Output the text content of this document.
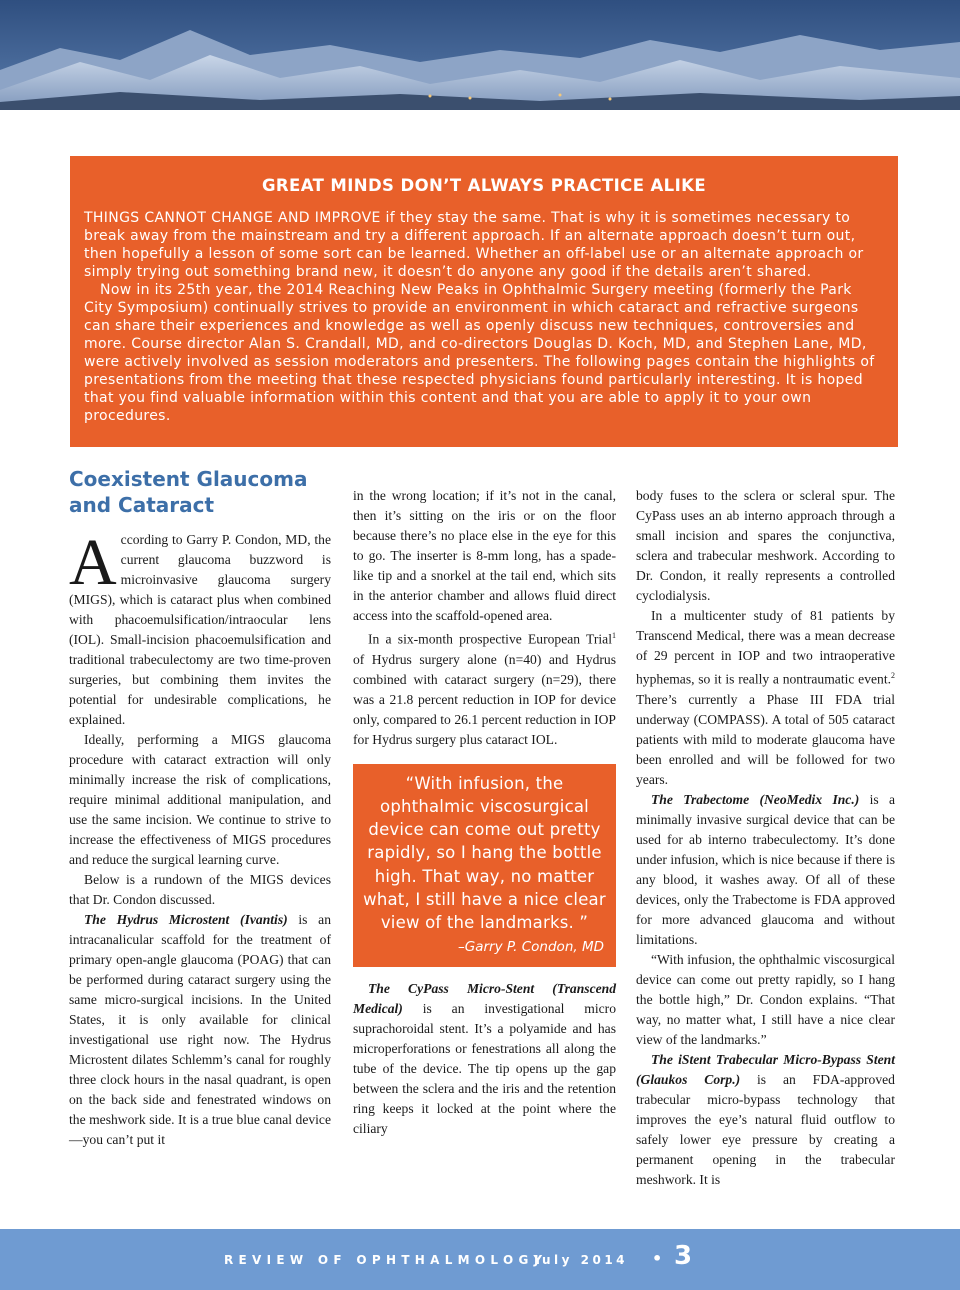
GREAT MINDS DON’T ALWAYS PRACTICE ALIKE

THINGS CANNOT CHANGE AND IMPROVE if they stay the same. That is why it is sometimes necessary to break away from the mainstream and try a different approach. If an alternate approach doesn’t turn out, then hopefully a lesson of some sort can be learned. Whether an off-label use or an alternate approach or simply trying out something brand new, it doesn’t do anyone any good if the details aren’t shared.

Now in its 25th year, the 2014 Reaching New Peaks in Ophthalmic Surgery meeting (formerly the Park City Symposium) continually strives to provide an environment in which cataract and refractive surgeons can share their experiences and knowledge as well as openly discuss new techniques, controversies and more. Course director Alan S. Crandall, MD, and co-directors Douglas D. Koch, MD, and Stephen Lane, MD, were actively involved as session moderators and presenters. The following pages contain the highlights of presentations from the meeting that these respected physicians found particularly interesting. It is hoped that you find valuable information within this content and that you are able to apply it to your own procedures.

Coexistent Glaucoma
and Cataract

According to Garry P. Condon, MD, the current glaucoma buzzword is microinvasive glaucoma surgery (MIGS), which is cataract plus when combined with phacoemulsification/intraocular lens (IOL). Small-incision phacoemulsification and traditional trabeculectomy are two time-proven surgeries, but combining them invites the potential for undesirable complications, he explained.

Ideally, performing a MIGS glaucoma procedure with cataract extraction will only minimally increase the risk of complications, require minimal additional manipulation, and use the same incision. We continue to strive to increase the effectiveness of MIGS procedures and reduce the surgical learning curve.

Below is a rundown of the MIGS devices that Dr. Condon discussed.

The Hydrus Microstent (Ivantis) is an intracanalicular scaffold for the treatment of primary open-angle glaucoma (POAG) that can be performed during cataract surgery using the same micro-surgical incisions. In the United States, it is only available for clinical investigational use right now. The Hydrus Microstent dilates Schlemm’s canal for roughly three clock hours in the nasal quadrant, is open on the back side and fenestrated windows on the meshwork side. It is a true blue canal device—you can’t put it

in the wrong location; if it’s not in the canal, then it’s sitting on the iris or on the floor because there’s no place else in the eye for this to go. The inserter is 8-mm long, has a spade-like tip and a snorkel at the tail end, which sits in the anterior chamber and allows fluid direct access into the scaffold-opened area.

In a six-month prospective European Trial$^1$ of Hydrus surgery alone (n=40) and Hydrus combined with cataract surgery (n=29), there was a 21.8 percent reduction in IOP for device only, compared to 26.1 percent reduction in IOP for Hydrus surgery plus cataract IOL.

“With infusion, the ophthalmic viscosurgical device can come out pretty rapidly, so I hang the bottle high. That way, no matter what, I still have a nice clear view of the landmarks. ”
–Garry P. Condon, MD

The CyPass Micro-Stent (Transcend Medical) is an investigational micro suprachoroidal stent. It’s a polyamide and has microperforations or fenestrations all along the tube of the device. The tip opens up the gap between the sclera and the iris and the retention ring keeps it locked at the point where the ciliary

body fuses to the sclera or scleral spur. The CyPass uses an ab interno approach through a small incision and spares the conjunctiva, sclera and trabecular meshwork. According to Dr. Condon, it really represents a controlled cyclodialysis.

In a multicenter study of 81 patients by Transcend Medical, there was a mean decrease of 29 percent in IOP and two intraoperative hyphemas, so it is really a nontraumatic event.$^2$ There’s currently a Phase III FDA trial underway (COMPASS). A total of 505 cataract patients with mild to moderate glaucoma have been enrolled and will be followed for two years.

The Trabectome (NeoMedix Inc.) is a minimally invasive surgical device that can be used for ab interno trabeculectomy. It’s done under infusion, which is nice because if there is any blood, it washes away. Of all of these devices, only the Trabectome is FDA approved for more advanced glaucoma and without limitations.

“With infusion, the ophthalmic viscosurgical device can come out pretty rapidly, so I hang the bottle high,” Dr. Condon explains. “That way, no matter what, I still have a nice clear view of the landmarks.”

The iStent Trabecular Micro-Bypass Stent (Glaukos Corp.) is an FDA-approved trabecular micro-bypass technology that improves the eye’s natural fluid outflow to safely lower eye pressure by creating a permanent opening in the trabecular meshwork. It is

REVIEW OF OPHTHALMOLOGY
July 2014 • 3
